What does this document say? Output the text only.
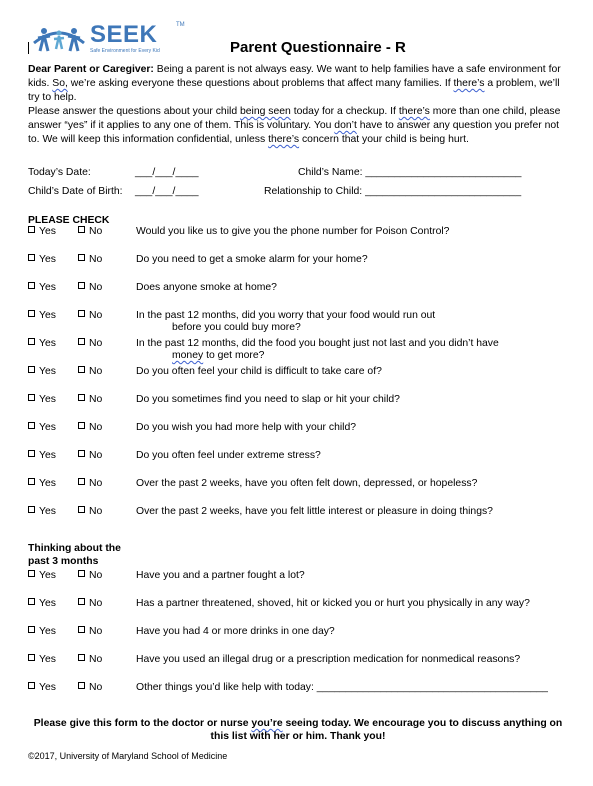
SEEK	TM
Safe Environment for Every Kid	Parent Questionnaire - R

Dear Parent or Caregiver: Being a parent is not always easy. We want to help families have a safe environment for kids. So, we’re asking everyone these questions about problems that affect many families. If there’s a problem, we’ll try to help.

Please answer the questions about your child being seen today for a checkup. If there’s more than one child, please answer “yes” if it applies to any one of them. This is voluntary. You don’t have to answer any question you prefer not to. We will keep this information confidential, unless there’s concern that your child is being hurt.

Today’s Date:	___/___/____	Child’s Name: ___________________________
Child’s Date of Birth: ___/___/____	Relationship to Child: ___________________________
PLEASE CHECK
Yes	No	Would you like us to give you the phone number for Poison Control?
Yes	No	Do you need to get a smoke alarm for your home?
Yes	No	Does anyone smoke at home?
Yes	No	In the past 12 months, did you worry that your food would run out
before you could buy more?
Yes	No	In the past 12 months, did the food you bought just not last and you didn’t have
money to get more?
Yes	No	Do you often feel your child is difficult to take care of?
Yes	No	Do you sometimes find you need to slap or hit your child?
Yes	No	Do you wish you had more help with your child?
Yes	No	Do you often feel under extreme stress?
Yes	No	Over the past 2 weeks, have you often felt down, depressed, or hopeless?
Yes	No	Over the past 2 weeks, have you felt little interest or pleasure in doing things?
Thinking about the
past 3 months
Yes	No	Have you and a partner fought a lot?
Yes	No	Has a partner threatened, shoved, hit or kicked you or hurt you physically in any way?
Yes	No	Have you had 4 or more drinks in one day?
Yes	No	Have you used an illegal drug or a prescription medication for nonmedical reasons?
Yes	No	Other things you’d like help with today: ________________________________________
Please give this form to the doctor or nurse you’re seeing today. We encourage you to discuss anything on this list with her or him. Thank you!
©2017, University of Maryland School of Medicine
